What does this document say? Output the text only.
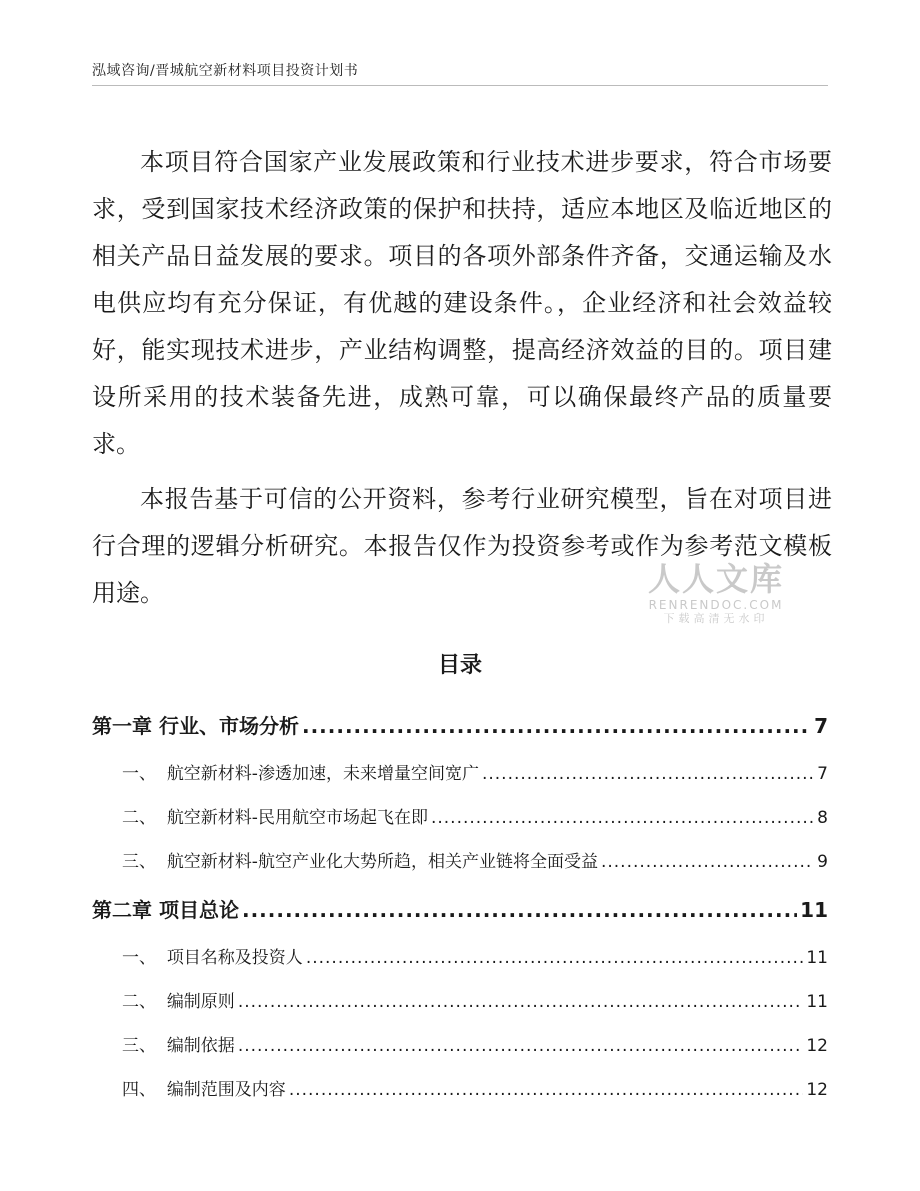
泓域咨询/晋城航空新材料项目投资计划书

本项目符合国家产业发展政策和行业技术进步要求，符合市场要求，受到国家技术经济政策的保护和扶持，适应本地区及临近地区的相关产品日益发展的要求。项目的各项外部条件齐备，交通运输及水电供应均有充分保证，有优越的建设条件。，企业经济和社会效益较好，能实现技术进步，产业结构调整，提高经济效益的目的。项目建设所采用的技术装备先进，成熟可靠，可以确保最终产品的质量要求。

本报告基于可信的公开资料，参考行业研究模型，旨在对项目进行合理的逻辑分析研究。本报告仅作为投资参考或作为参考范文模板用途。	人人文库
RENRENDOC.COM
下载高清无水印
目录
第一章 行业、市场分析 .....	7
一、 航空新材料-渗透加速，未来增量空间宽广 .....	7
二、 航空新材料-民用航空市场起飞在即 .....	8
三、 航空新材料-航空产业化大势所趋，相关产业链将全面受益 .....	9
第二章 项目总论 .....	11
一、 项目名称及投资人 .....	11
二、 编制原则 .....	11
三、 编制依据 .....	12
四、 编制范围及内容 .....	12
